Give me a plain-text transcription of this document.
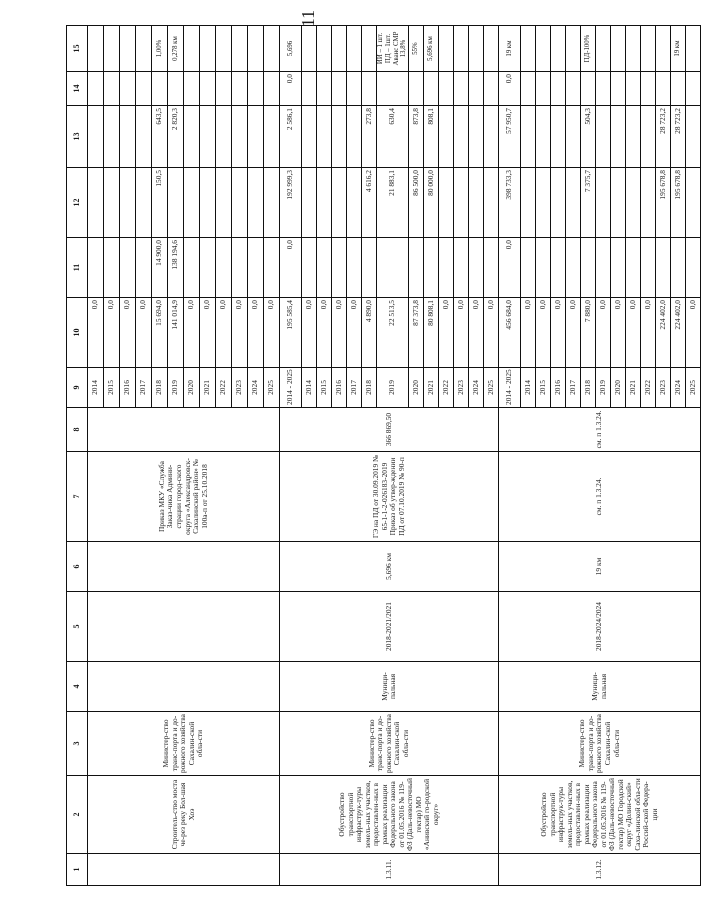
11
1	2	3	4	5	6	7	8	9	10	11	12	13	14	15
	Строитель-ство моста че-рез реку Бол-шая Хоэ	Министер-ство транс-порта и до-рожного хозяйства Сахалин-ской обла-сти				Приказ МКУ «Служба Заказ-чика Админи-страции город-ского округа «Александровск-Сахалинский район» № 100а-п от 25.10.2018		2014	0,0					
								2015	0,0					
								2016	0,0					
								2017	0,0					
								2018	15 694,0	14 900,0	150,5	643,5		1,00%
								2019	141 014,9	138 194,6		2 820,3		0,278 км
								2020	0,0					
								2021	0,0					
								2022	0,0					
								2023	0,0					
								2024	0,0					
								2025	0,0					
1.3.11.	Обустройство транспортной инфраструк-туры земель-ных участков, предоставлен-ных в рамках реализации Федерального закона от 01.05.2016 № 119-ФЗ (Даль-невосточный гектар) МО «Анивский го-родской округ»	Министер-ство транс-порта и до-рожного хозяйства Сахалин-ской обла-сти	Муници-пальная	2018-2021/2021	5,696 км	ГЭ на ПД от 30.09.2019 № 65-1-1-2-026183-2019 Приказ об утвер-ждении ПД от 07.10.2019 № 90-п	366 869,50	2014 - 2025	195 585,4	0,0	192 999,3	2 586,1	0,0	5,696
								2014	0,0					
								2015	0,0					
								2016	0,0					
								2017	0,0					
								2018	4 890,0		4 616,2	273,8		
								2019	22 513,5		21 883,1	630,4		ИИ – 1 шт. ПД – 1шт. Аванс СМР 13,8%
								2020	87 373,8		86 500,0	873,8		55%
								2021	80 808,1		80 000,0	808,1		5,696 км
								2022	0,0					
								2023	0,0					
								2024	0,0					
								2025	0,0					
1.3.12.	Обустройство транспортной инфраструк-туры земель-ных участков, предоставлен-ных в рамках реализации Федерального закона от 01.05.2016 № 119-ФЗ (Даль-невосточный гектар) МО Городской округ «Долин-ский» Саха-линской обла-сти Россий-ской Федера-ции	Министер-ство транс-порта и до-рожного хозяйства Сахалин-ской обла-сти	Муници-пальная	2018-2024/2024	19 км	см. п 1.3.24.	см. п 1.3.24.	2014 - 2025	456 684,0	0,0	398 733,3	57 950,7	0,0	19 км
								2014	0,0					
								2015	0,0					
								2016	0,0					
								2017	0,0					
								2018	7 880,0		7 375,7	504,3		ПД-100%
								2019	0,0					
								2020	0,0					
								2021	0,0					
								2022	0,0					
								2023	224 402,0		195 678,8	28 723,2		
								2024	224 402,0		195 678,8	28 723,2		19 км
								2025	0,0					
